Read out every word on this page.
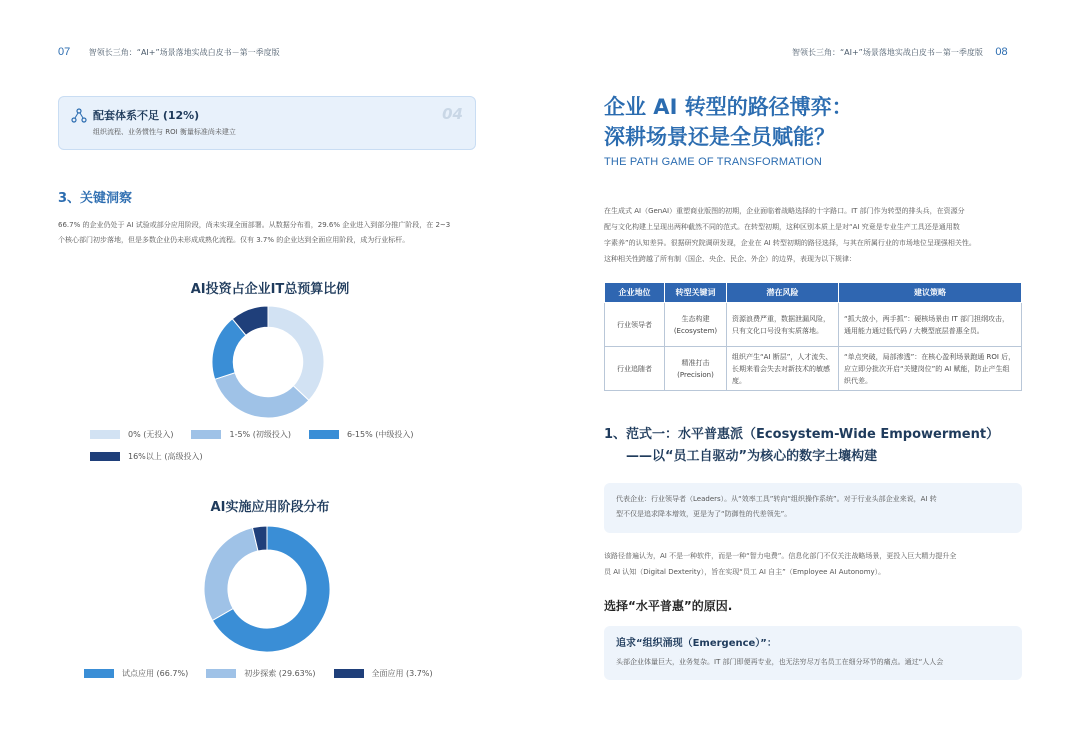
07 智领长三角：“AI+”场景落地实战白皮书－第一季度版
配套体系不足 (12%)
组织流程、业务惯性与 ROI 衡量标准尚未建立
04
3、关键洞察
66.7% 的企业仍处于 AI 试验或部分应用阶段，尚未实现全面部署。从数据分布看，29.6% 企业进入到部分推广阶段，在 2~3
个核心部门初步落地，但是多数企业仍未形成成熟化流程。仅有 3.7% 的企业达到全面应用阶段，成为行业标杆。
AI投资占企业IT总预算比例
0% (无投入)	1-5% (初级投入)	6-15% (中级投入)
16%以上 (高级投入)
AI实施应用阶段分布
试点应用 (66.7%)	初步探索 (29.63%)	全面应用 (3.7%)
智领长三角：“AI+”场景落地实战白皮书－第一季度版 08
企业 AI 转型的路径博弈：
深耕场景还是全员赋能？
THE PATH GAME OF TRANSFORMATION
在生成式 AI（GenAI）重塑商业版图的初期，企业面临着战略选择的十字路口。IT 部门作为转型的排头兵，在资源分
配与文化构建上呈现出两种截然不同的范式。在转型初期，这种区别本质上是对“AI 究竟是专业生产工具还是通用数
字素养”的认知差异。很据研究院调研发现，企业在 AI 转型初期的路径选择，与其在所属行业的市场地位呈现强相关性。
这种相关性跨越了所有制（国企、央企、民企、外企）的边界，表现为以下规律：
企业地位	转型关键词	潜在风险	建议策略
行业领导者	生态构建
(Ecosystem)	资源浪费严重，数据泄漏风险，只有文化口号没有实质落地。	“抓大放小，两手抓”：硬核场景由 IT 部门担纲攻击，通用能力通过低代码 / 大模型底层普惠全员。
行业追随者	精准打击
(Precision)	组织产生“AI 断层”，人才流失、长期来看会失去对新技术的敏感度。	“单点突破，局部渗透”：在核心盈利场景跑通 ROI 后，应立即分批次开启“关键岗位”的 AI 赋能，防止产生组织代差。
1、范式一：水平普惠派（Ecosystem-Wide Empowerment）
——以“员工自驱动”为核心的数字土壤构建
代表企业：行业领导者（Leaders）。从“效率工具”转向“组织操作系统”。对于行业头部企业来说，AI 转
型不仅是追求降本增效，更是为了“防御性的代差领先”。
该路径普遍认为，AI 不是一种软件，而是一种“智力电费”。信息化部门不仅关注战略场景，更投入巨大精力提升全
员 AI 认知（Digital Dexterity），旨在实现“员工 AI 自主”（Employee AI Autonomy）。
选择“水平普惠”的原因.
追求“组织涌现（Emergence）”：
头部企业体量巨大，业务复杂。IT 部门即便再专业，也无法穷尽万名员工在细分环节的痛点。通过“人人会
